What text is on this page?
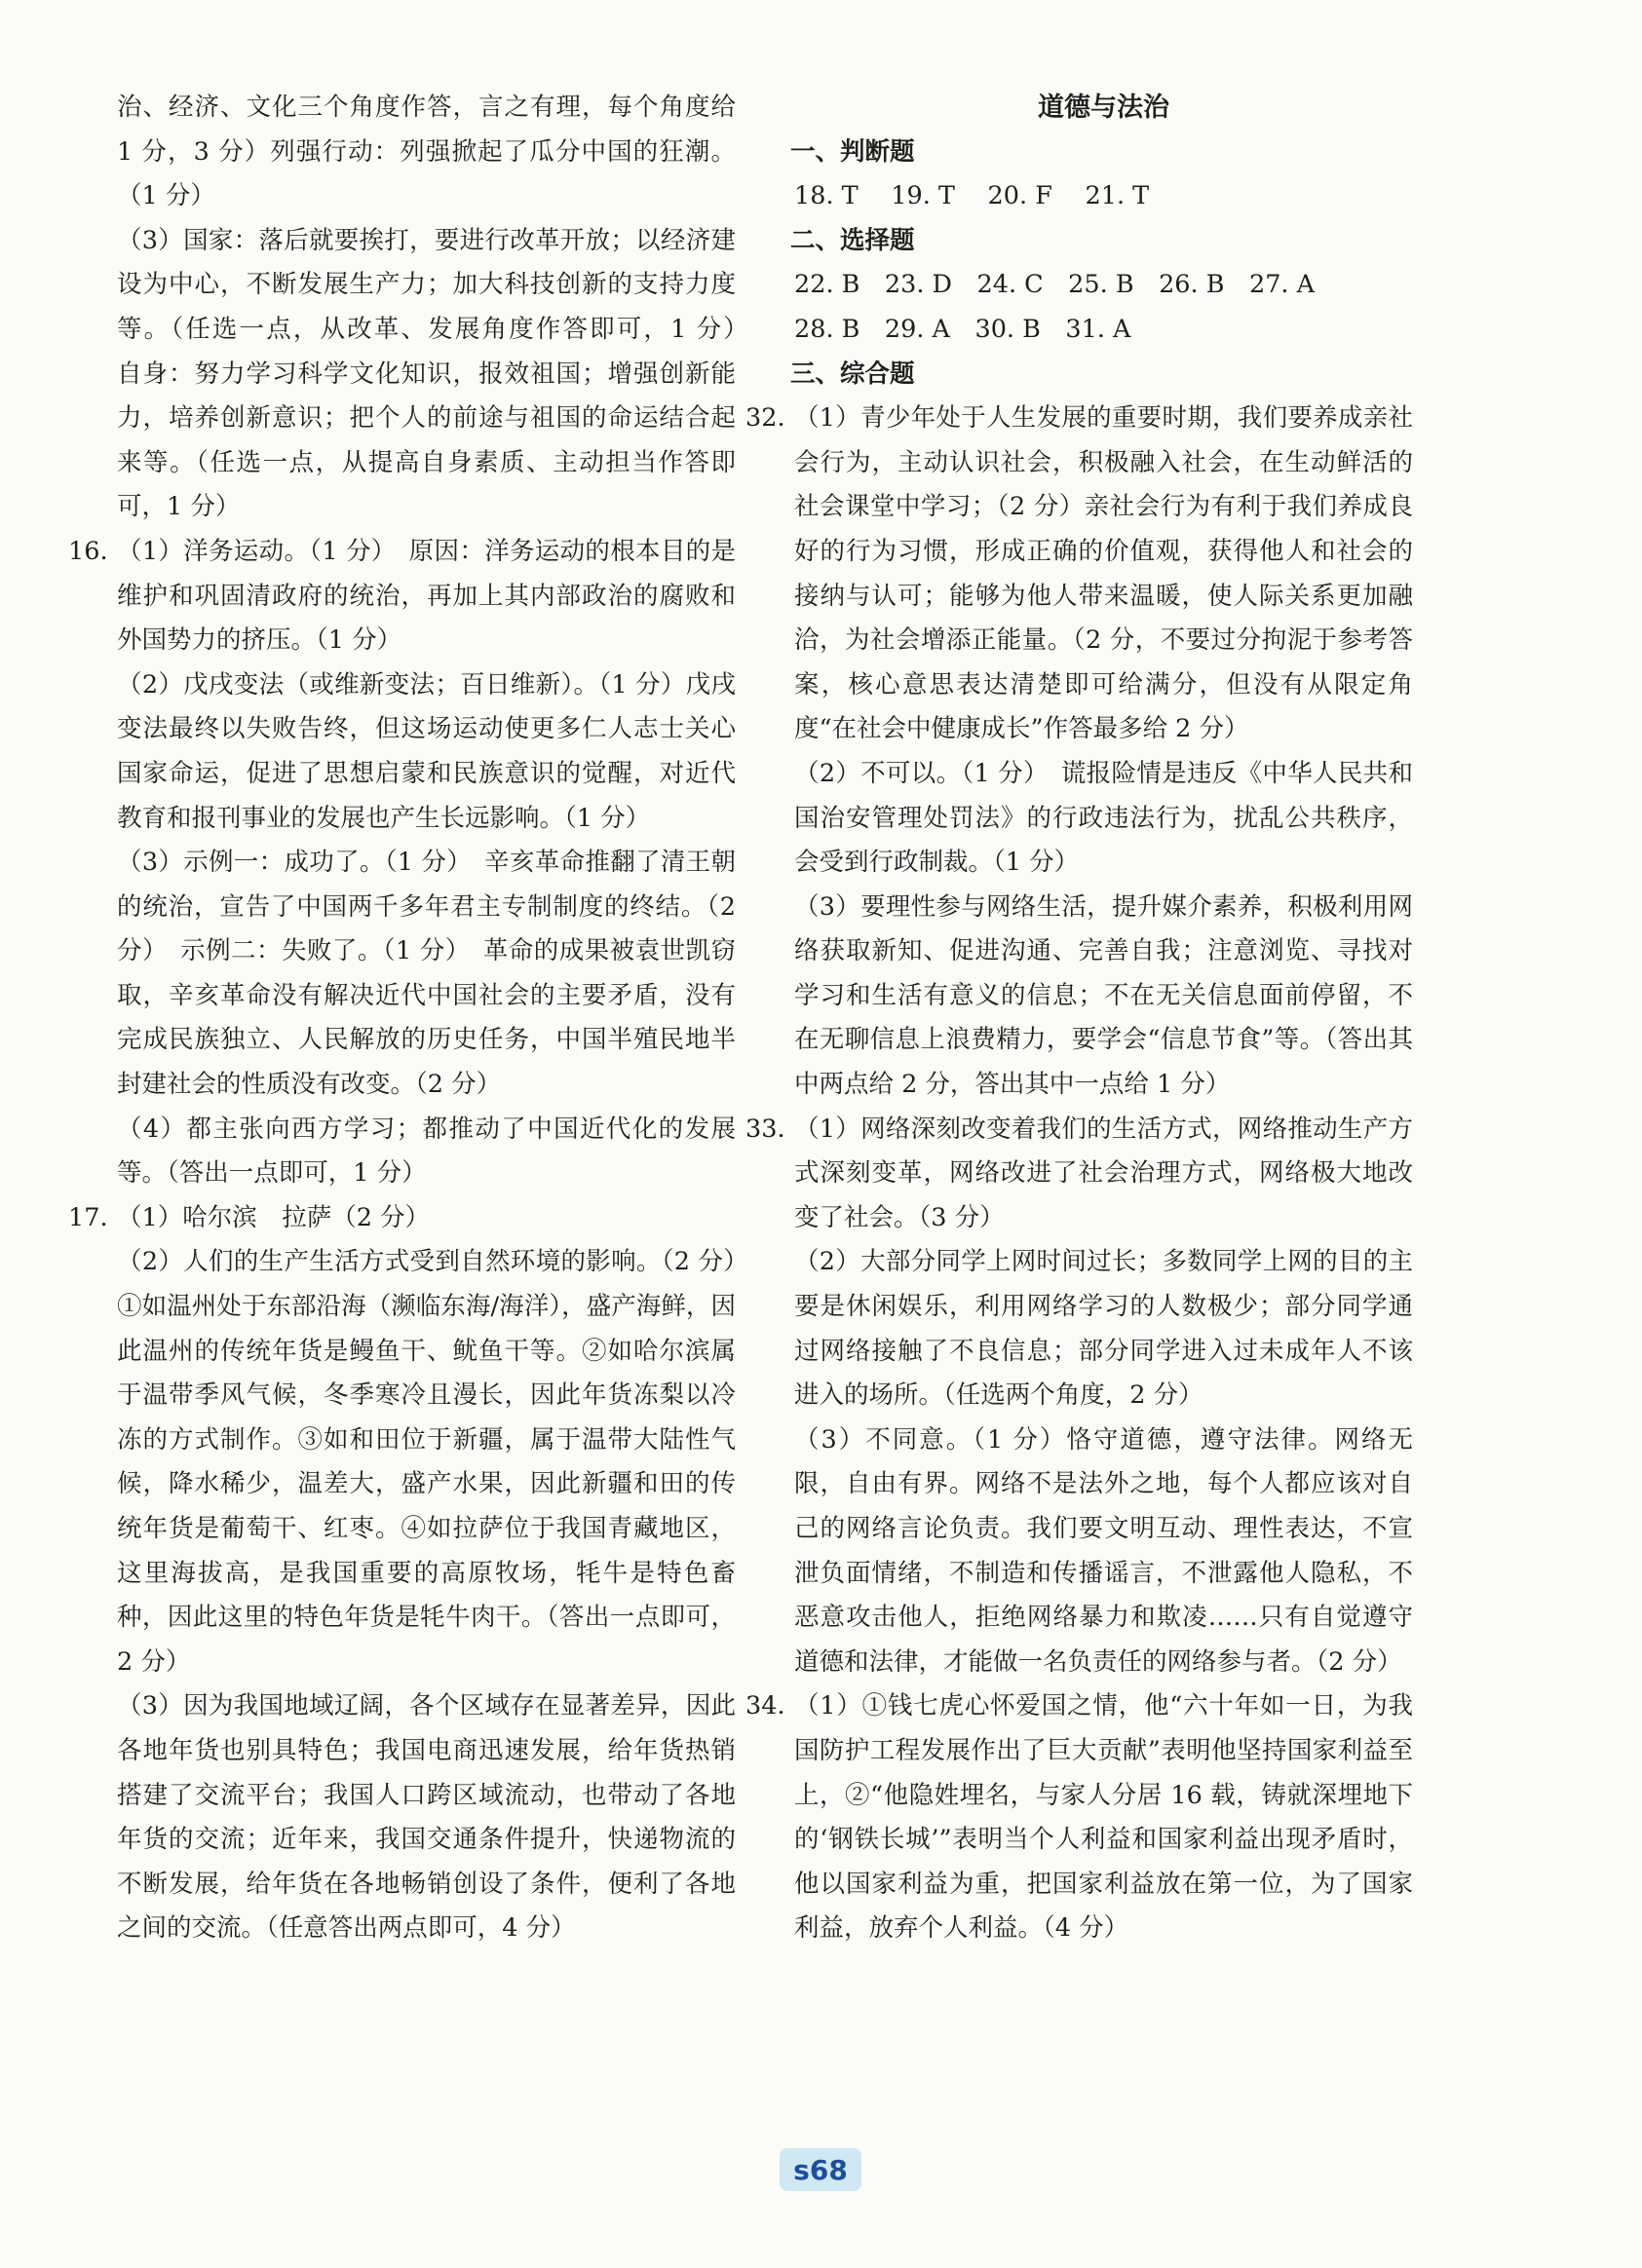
治、经济、文化三个角度作答，言之有理，每个角度给 1 分，3 分）列强行动：列强掀起了瓜分中国的狂潮。（1 分）

（3）国家：落后就要挨打，要进行改革开放；以经济建设为中心，不断发展生产力；加大科技创新的支持力度等。（任选一点，从改革、发展角度作答即可，1 分）　自身：努力学习科学文化知识，报效祖国；增强创新能力，培养创新意识；把个人的前途与祖国的命运结合起来等。（任选一点，从提高自身素质、主动担当作答即可，1 分）

16. （1）洋务运动。（1 分）　原因：洋务运动的根本目的是维护和巩固清政府的统治，再加上其内部政治的腐败和外国势力的挤压。（1 分）

（2）戊戌变法（或维新变法；百日维新）。（1 分）戊戌变法最终以失败告终，但这场运动使更多仁人志士关心国家命运，促进了思想启蒙和民族意识的觉醒，对近代教育和报刊事业的发展也产生长远影响。（1 分）

（3）示例一：成功了。（1 分）　辛亥革命推翻了清王朝的统治，宣告了中国两千多年君主专制制度的终结。（2 分）　示例二：失败了。（1 分）　革命的成果被袁世凯窃取，辛亥革命没有解决近代中国社会的主要矛盾，没有完成民族独立、人民解放的历史任务，中国半殖民地半封建社会的性质没有改变。（2 分）

（4）都主张向西方学习；都推动了中国近代化的发展等。（答出一点即可，1 分）

17. （1）哈尔滨　拉萨（2 分）

（2）人们的生产生活方式受到自然环境的影响。（2 分）①如温州处于东部沿海（濒临东海/海洋），盛产海鲜，因此温州的传统年货是鳗鱼干、鱿鱼干等。②如哈尔滨属于温带季风气候，冬季寒冷且漫长，因此年货冻梨以冷冻的方式制作。③如和田位于新疆，属于温带大陆性气候，降水稀少，温差大，盛产水果，因此新疆和田的传统年货是葡萄干、红枣。④如拉萨位于我国青藏地区，这里海拔高，是我国重要的高原牧场，牦牛是特色畜种，因此这里的特色年货是牦牛肉干。（答出一点即可，2 分）

（3）因为我国地域辽阔，各个区域存在显著差异，因此各地年货也别具特色；我国电商迅速发展，给年货热销搭建了交流平台；我国人口跨区域流动，也带动了各地年货的交流；近年来，我国交通条件提升，快递物流的不断发展，给年货在各地畅销创设了条件，便利了各地之间的交流。（任意答出两点即可，4 分）

道德与法治

一、判断题

18. T　 19. T　 20. F　 21. T

二、选择题

22. B　23. D　24. C　25. B　26. B　27. A

28. B　29. A　30. B　31. A

三、综合题

32. （1）青少年处于人生发展的重要时期，我们要养成亲社会行为，主动认识社会，积极融入社会，在生动鲜活的社会课堂中学习；（2 分）亲社会行为有利于我们养成良好的行为习惯，形成正确的价值观，获得他人和社会的接纳与认可；能够为他人带来温暖，使人际关系更加融洽，为社会增添正能量。（2 分，不要过分拘泥于参考答案，核心意思表达清楚即可给满分，但没有从限定角度“在社会中健康成长”作答最多给 2 分）

（2）不可以。（1 分）　谎报险情是违反《中华人民共和国治安管理处罚法》的行政违法行为，扰乱公共秩序，会受到行政制裁。（1 分）

（3）要理性参与网络生活，提升媒介素养，积极利用网络获取新知、促进沟通、完善自我；注意浏览、寻找对学习和生活有意义的信息；不在无关信息面前停留，不在无聊信息上浪费精力，要学会“信息节食”等。（答出其中两点给 2 分，答出其中一点给 1 分）

33. （1）网络深刻改变着我们的生活方式，网络推动生产方式深刻变革，网络改进了社会治理方式，网络极大地改变了社会。（3 分）

（2）大部分同学上网时间过长；多数同学上网的目的主要是休闲娱乐，利用网络学习的人数极少；部分同学通过网络接触了不良信息；部分同学进入过未成年人不该进入的场所。（任选两个角度，2 分）

（3）不同意。（1 分）恪守道德，遵守法律。网络无限，自由有界。网络不是法外之地，每个人都应该对自己的网络言论负责。我们要文明互动、理性表达，不宣泄负面情绪，不制造和传播谣言，不泄露他人隐私，不恶意攻击他人，拒绝网络暴力和欺凌……只有自觉遵守道德和法律，才能做一名负责任的网络参与者。（2 分）

34. （1）①钱七虎心怀爱国之情，他“六十年如一日，为我国防护工程发展作出了巨大贡献”表明他坚持国家利益至上，②“他隐姓埋名，与家人分居 16 载，铸就深埋地下的‘钢铁长城’”表明当个人利益和国家利益出现矛盾时，他以国家利益为重，把国家利益放在第一位，为了国家利益，放弃个人利益。（4 分）

s68
